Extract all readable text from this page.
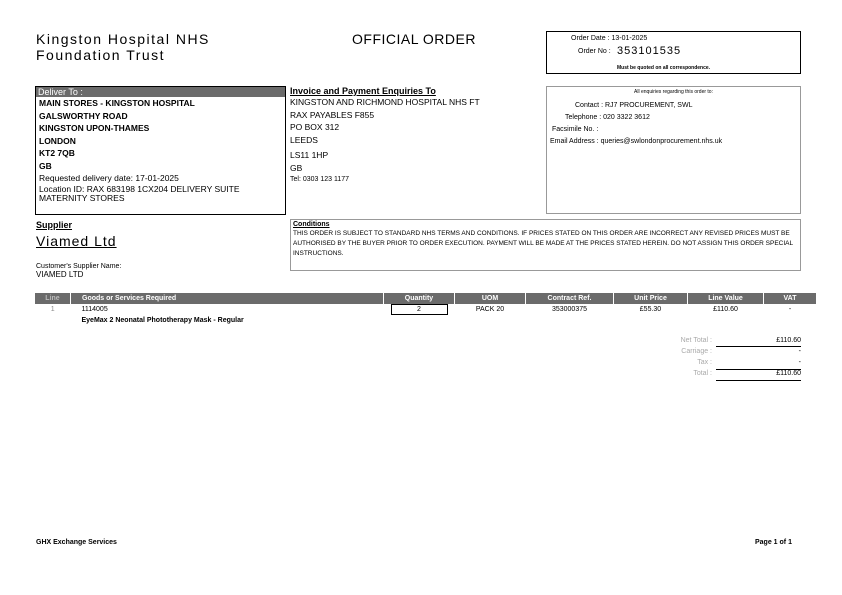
Kingston Hospital NHS
Foundation Trust
OFFICIAL ORDER	Order Date : 13-01-2025
Order No : 353101535
Must be quoted on all correspondence.
Deliver To :
MAIN STORES - KINGSTON HOSPITAL
GALSWORTHY ROAD
KINGSTON UPON-THAMES
LONDON
KT2 7QB
GB
Requested delivery date: 17-01-2025
Location ID: RAX 683198 1CX204 DELIVERY SUITE
MATERNITY STORES
Invoice and Payment Enquiries To
KINGSTON AND RICHMOND HOSPITAL NHS FT
RAX PAYABLES F855
PO BOX 312
LEEDS
LS11 1HP
GB
Tel: 0303 123 1177
All enquiries regarding this order to:
Contact : RJ7 PROCUREMENT, SWL
Telephone : 020 3322 3612
Facsimile No. :
Email Address : queries@swlondonprocurement.nhs.uk
Supplier
Viamed Ltd
Customer's Supplier Name:
VIAMED LTD
Conditions
THIS ORDER IS SUBJECT TO STANDARD NHS TERMS AND CONDITIONS. IF PRICES STATED ON THIS ORDER ARE INCORRECT ANY REVISED PRICES MUST BE AUTHORISED BY THE BUYER PRIOR TO ORDER EXECUTION. PAYMENT WILL BE MADE AT THE PRICES STATED HEREIN. DO NOT ASSIGN THIS ORDER SPECIAL INSTRUCTIONS.
Line	Goods or Services Required	Quantity	UOM	Contract Ref.	Unit Price	Line Value	VAT
1	1114005	2	PACK 20	353000375	£55.30	£110.60	-
	EyeMax 2 Neonatal Phototherapy Mask - Regular						
Net Total :	£110.60
Carriage :	-
Tax :	-
Total :	£110.60
GHX Exchange Services	Page 1 of 1
